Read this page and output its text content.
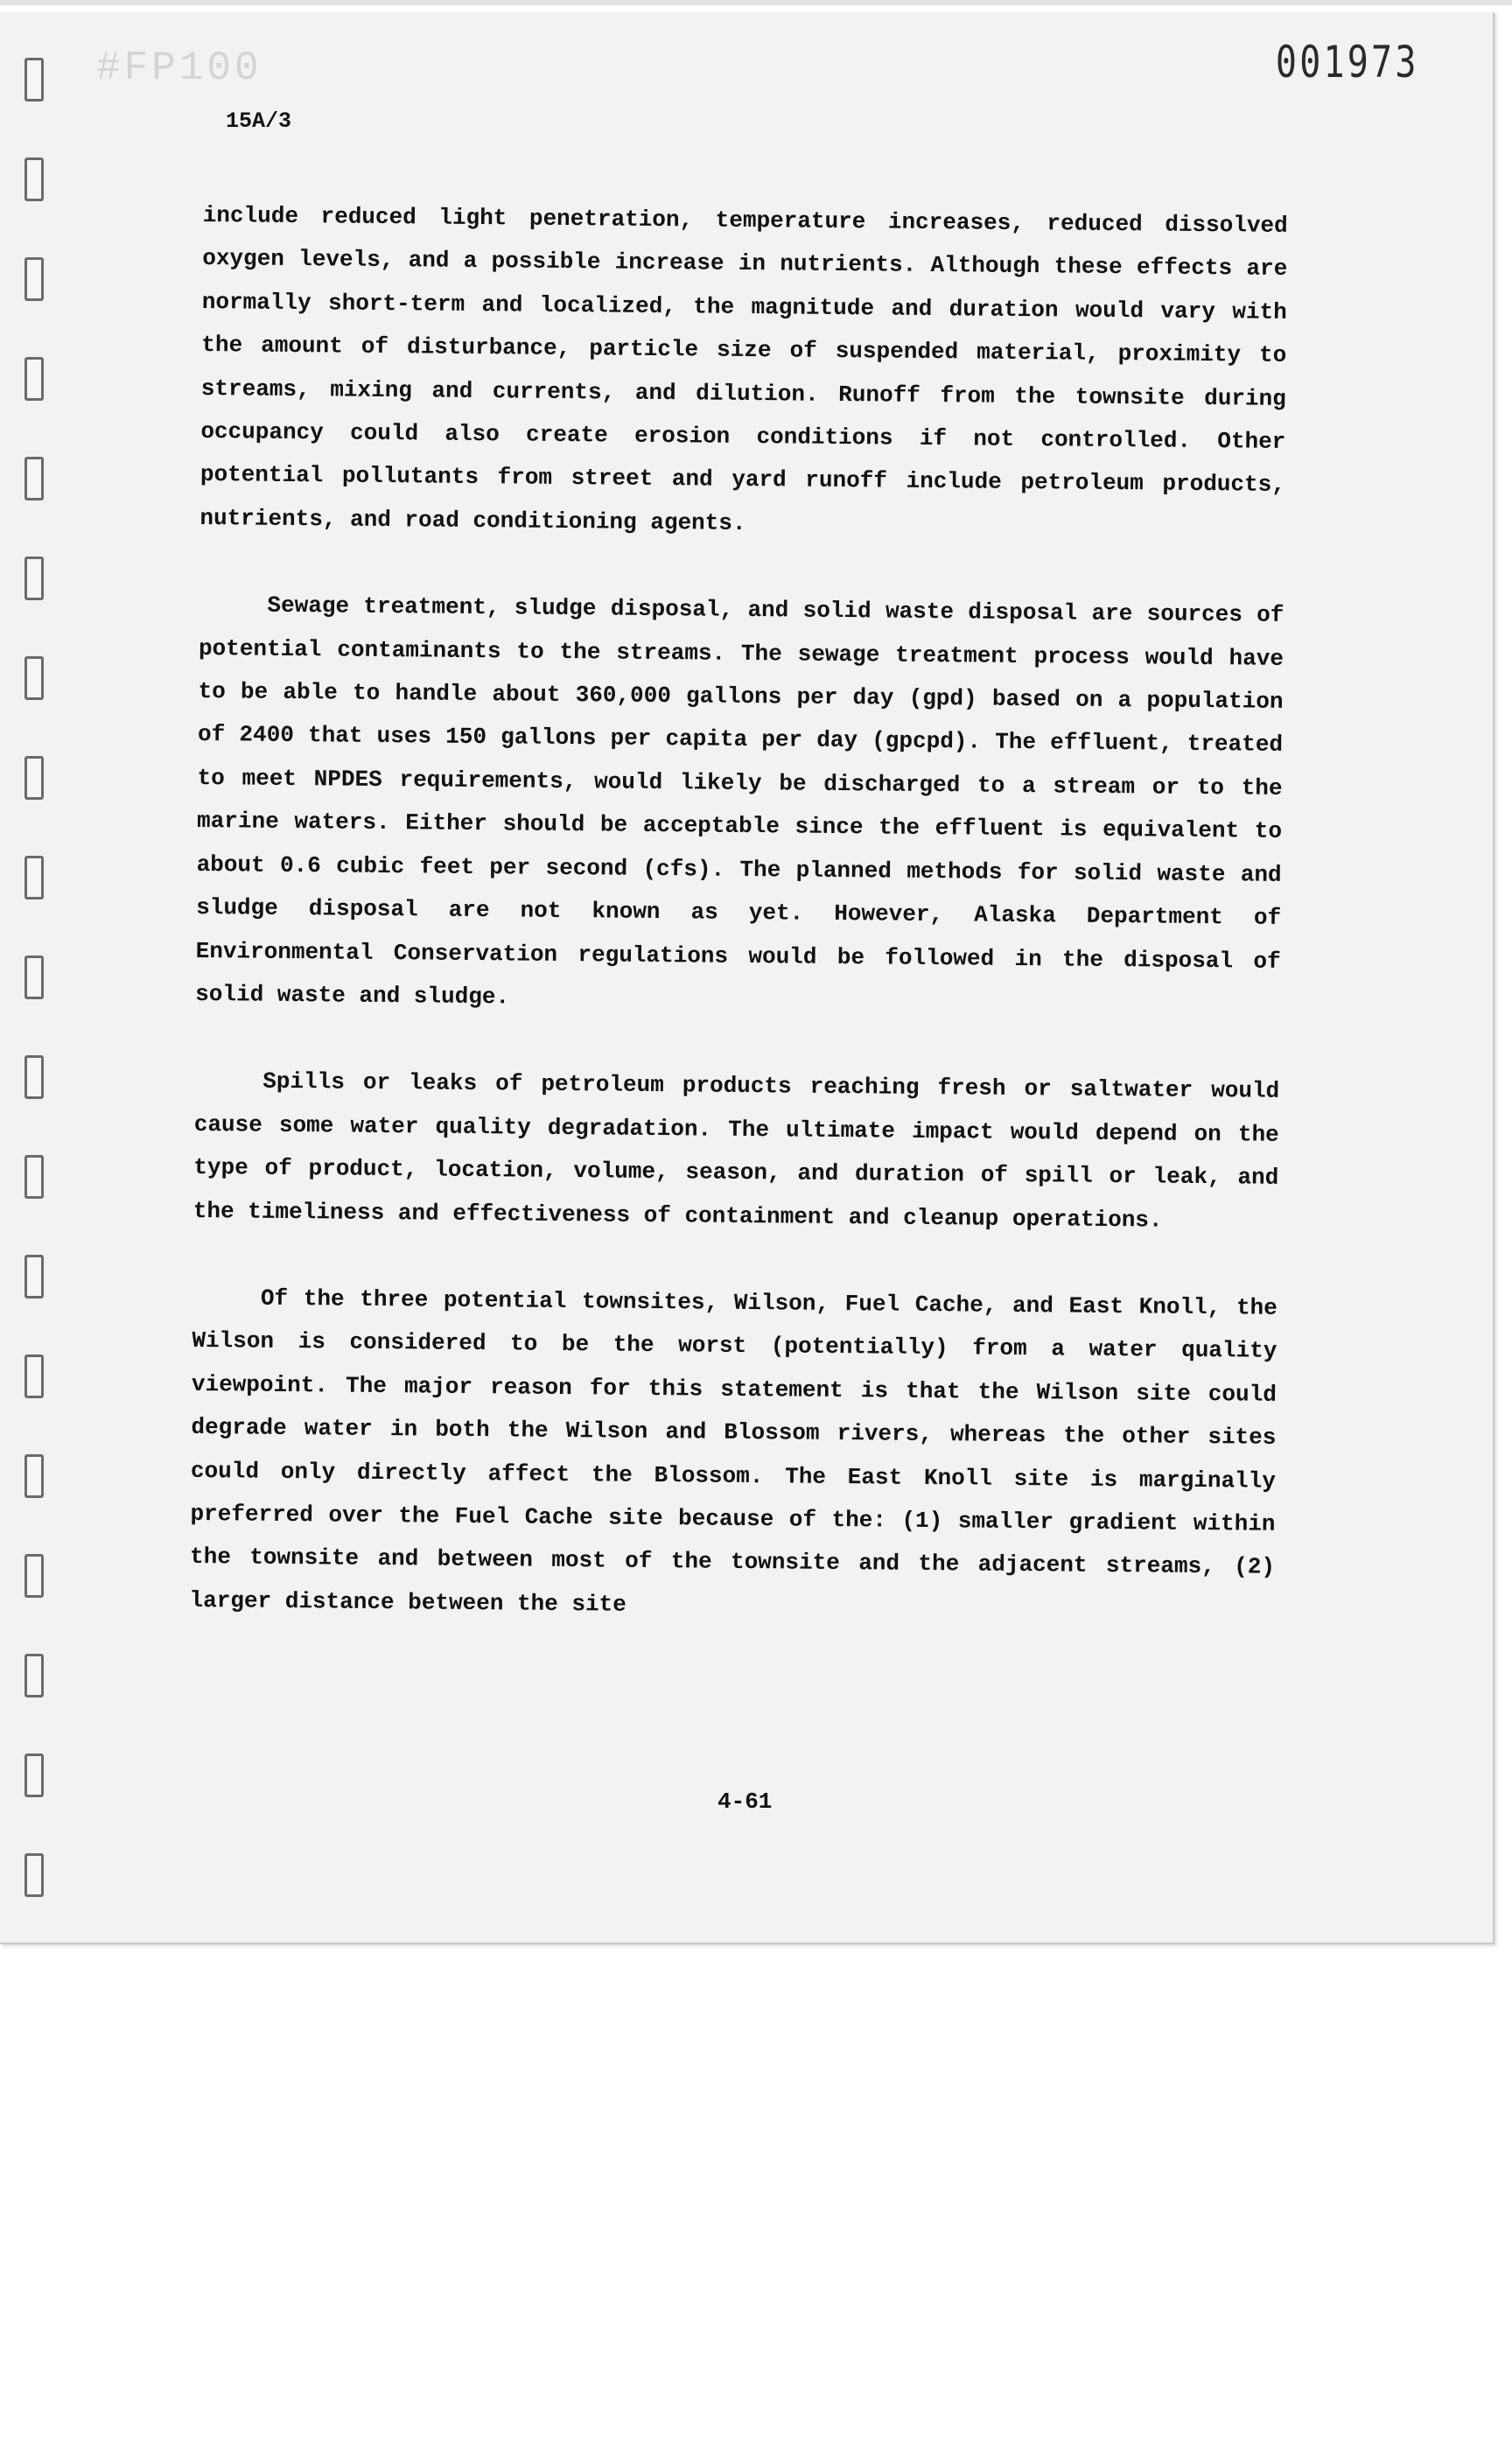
#FP100	001973
15A/3

include reduced light penetration, temperature increases, reduced dissolved oxygen levels, and a possible increase in nutrients. Although these effects are normally short-term and localized, the magnitude and duration would vary with the amount of disturbance, particle size of suspended material, proximity to streams, mixing and currents, and dilution. Runoff from the townsite during occupancy could also create erosion conditions if not controlled. Other potential pollutants from street and yard runoff include petroleum products, nutrients, and road conditioning agents.

Sewage treatment, sludge disposal, and solid waste disposal are sources of potential contaminants to the streams. The sewage treatment process would have to be able to handle about 360,000 gallons per day (gpd) based on a population of 2400 that uses 150 gallons per capita per day (gpcpd). The effluent, treated to meet NPDES requirements, would likely be discharged to a stream or to the marine waters. Either should be acceptable since the effluent is equivalent to about 0.6 cubic feet per second (cfs). The planned methods for solid waste and sludge disposal are not known as yet. However, Alaska Department of Environmental Conservation regulations would be followed in the disposal of solid waste and sludge.

Spills or leaks of petroleum products reaching fresh or saltwater would cause some water quality degradation. The ultimate impact would depend on the type of product, location, volume, season, and duration of spill or leak, and the timeliness and effectiveness of containment and cleanup operations.

Of the three potential townsites, Wilson, Fuel Cache, and East Knoll, the Wilson is considered to be the worst (potentially) from a water quality viewpoint. The major reason for this statement is that the Wilson site could degrade water in both the Wilson and Blossom rivers, whereas the other sites could only directly affect the Blossom. The East Knoll site is marginally preferred over the Fuel Cache site because of the: (1) smaller gradient within the townsite and between most of the townsite and the adjacent streams, (2) larger distance between the site

4-61
